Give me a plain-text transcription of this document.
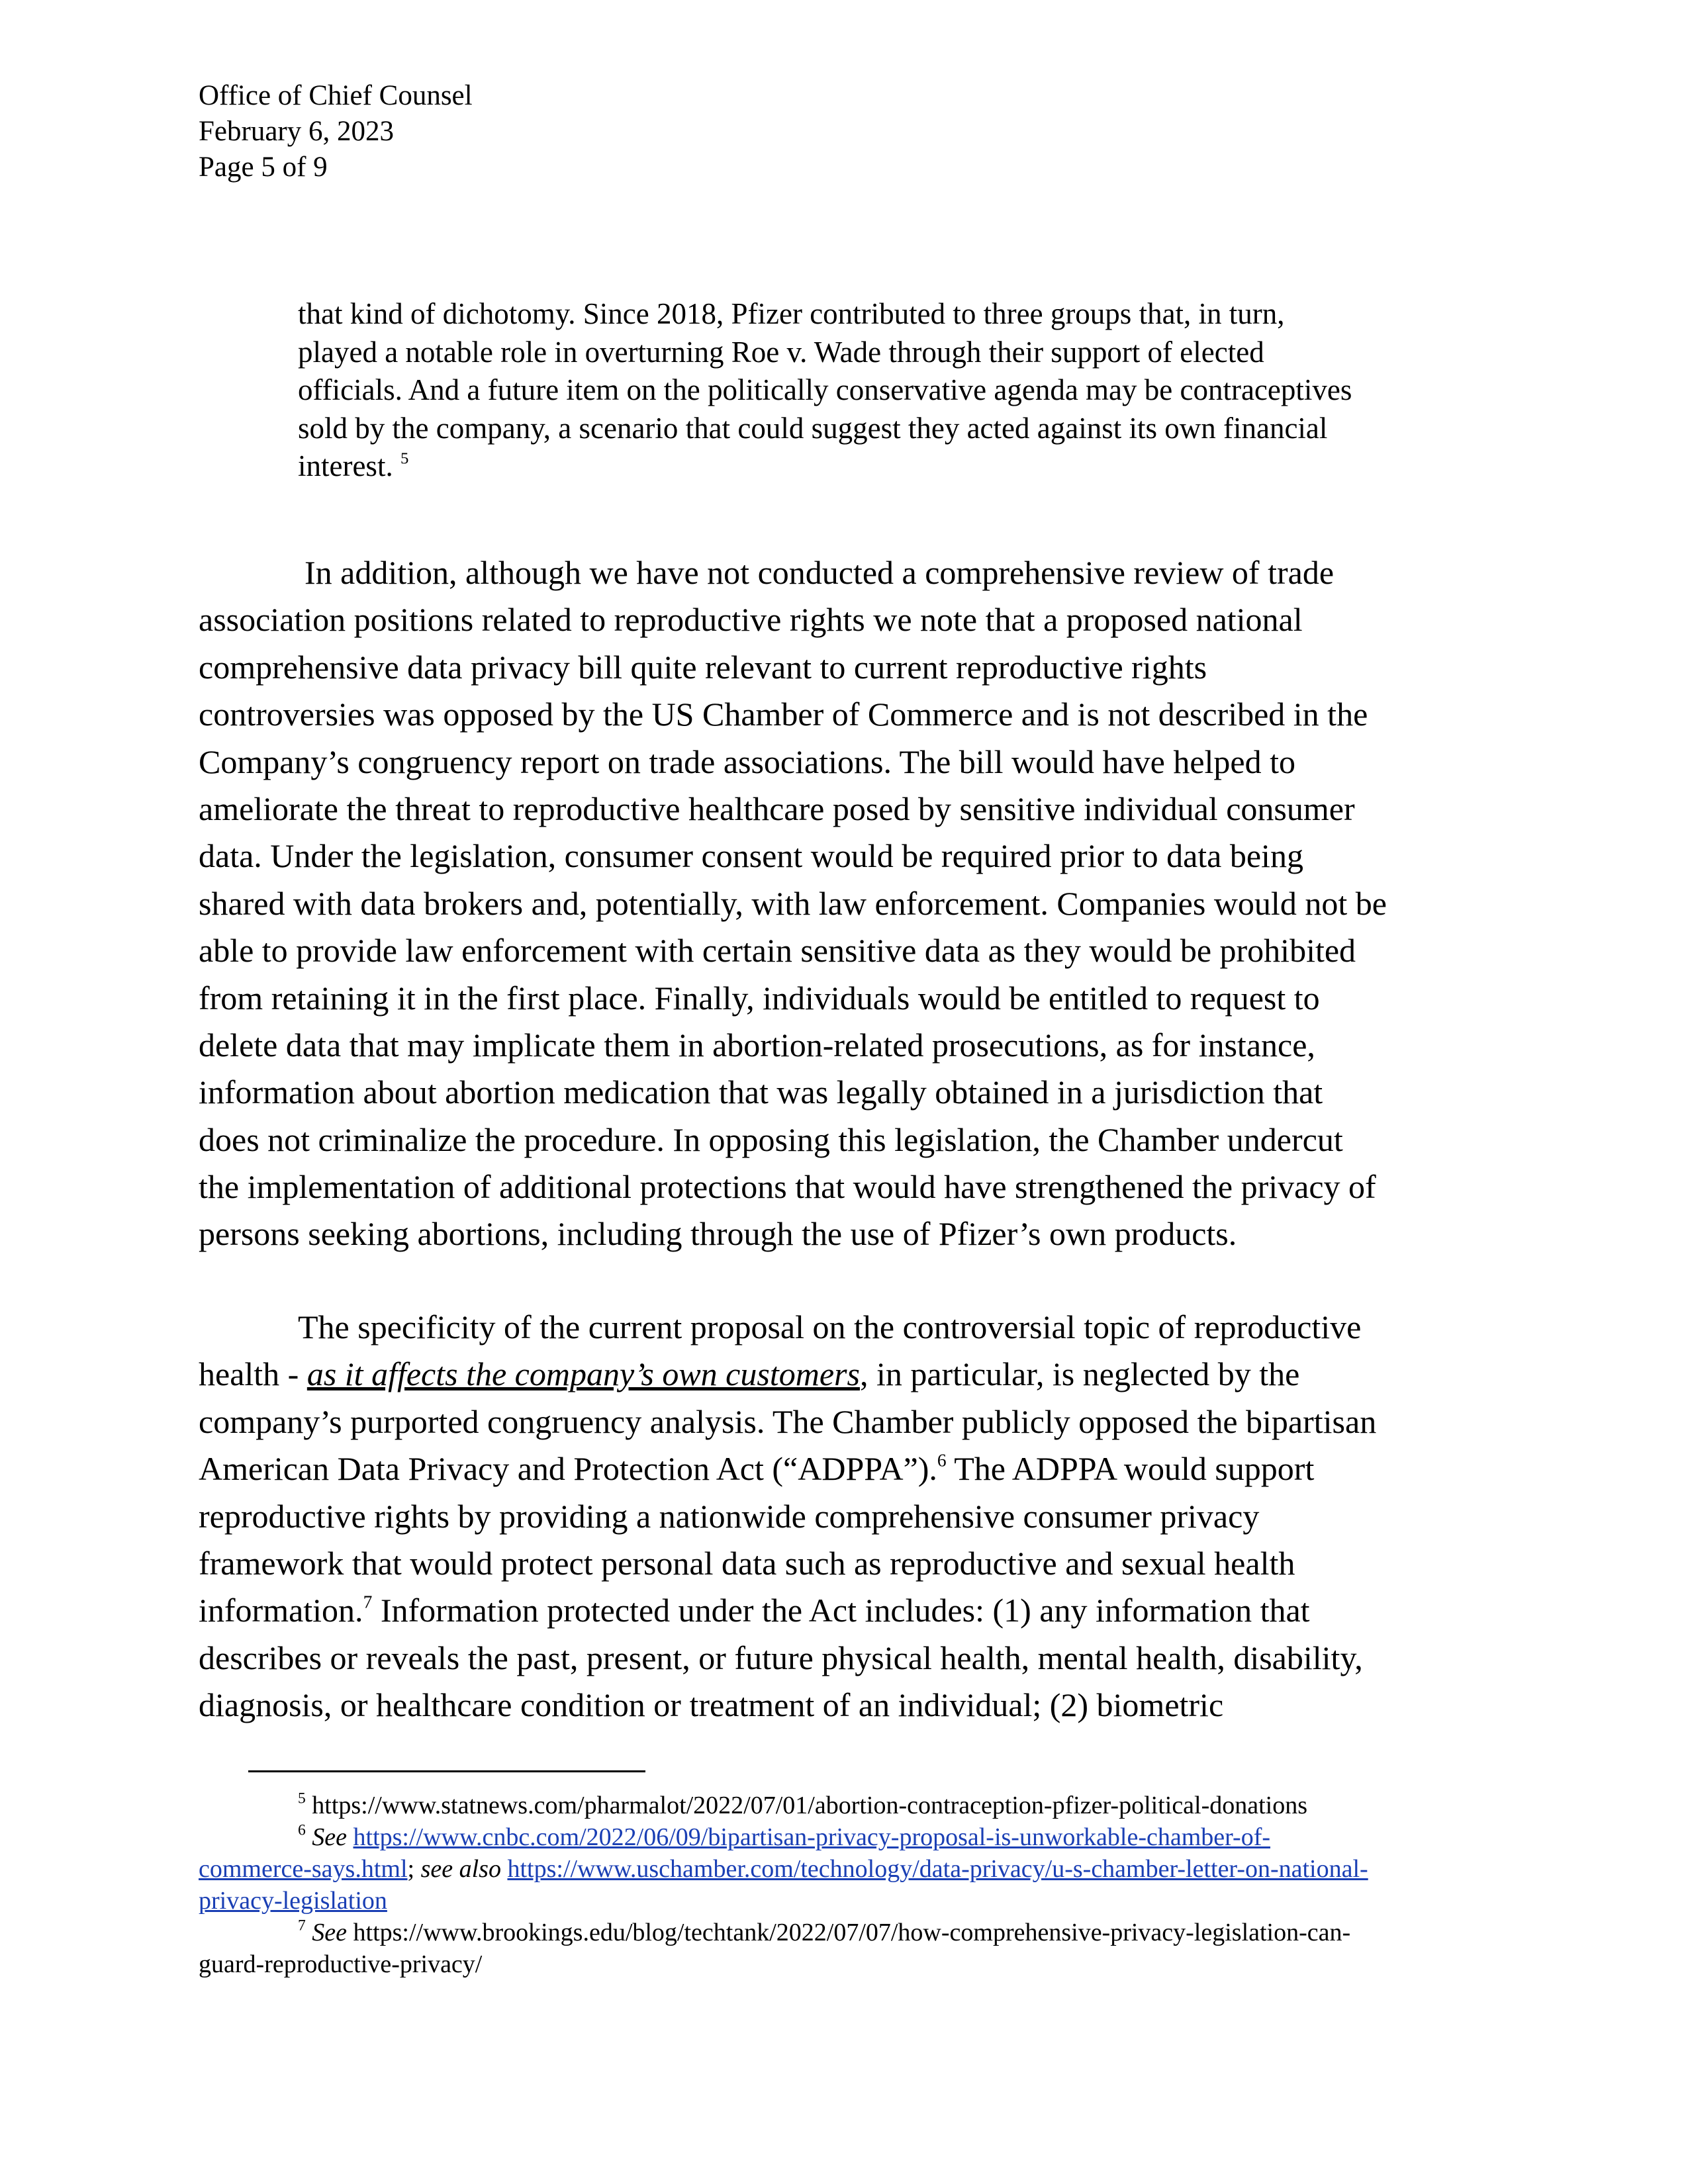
Office of Chief Counsel
February 6, 2023
Page 5 of 9
that kind of dichotomy. Since 2018, Pfizer contributed to three groups that, in turn,
played a notable role in overturning Roe v. Wade through their support of elected
officials. And a future item on the politically conservative agenda may be contraceptives
sold by the company, a scenario that could suggest they acted against its own financial
interest. $^5$
In addition, although we have not conducted a comprehensive review of trade
association positions related to reproductive rights we note that a proposed national
comprehensive data privacy bill quite relevant to current reproductive rights
controversies was opposed by the US Chamber of Commerce and is not described in the
Company’s congruency report on trade associations. The bill would have helped to
ameliorate the threat to reproductive healthcare posed by sensitive individual consumer
data. Under the legislation, consumer consent would be required prior to data being
shared with data brokers and, potentially, with law enforcement. Companies would not be
able to provide law enforcement with certain sensitive data as they would be prohibited
from retaining it in the first place. Finally, individuals would be entitled to request to
delete data that may implicate them in abortion-related prosecutions, as for instance,
information about abortion medication that was legally obtained in a jurisdiction that
does not criminalize the procedure. In opposing this legislation, the Chamber undercut
the implementation of additional protections that would have strengthened the privacy of
persons seeking abortions, including through the use of Pfizer’s own products.
The specificity of the current proposal on the controversial topic of reproductive
health - as it affects the company’s own customers, in particular, is neglected by the
company’s purported congruency analysis. The Chamber publicly opposed the bipartisan
American Data Privacy and Protection Act (“ADPPA”).$^6$ The ADPPA would support
reproductive rights by providing a nationwide comprehensive consumer privacy
framework that would protect personal data such as reproductive and sexual health
information.$^7$ Information protected under the Act includes: (1) any information that
describes or reveals the past, present, or future physical health, mental health, disability,
diagnosis, or healthcare condition or treatment of an individual; (2) biometric
$^5$ https://www.statnews.com/pharmalot/2022/07/01/abortion-contraception-pfizer-political-donations
$^6$ See https://www.cnbc.com/2022/06/09/bipartisan-privacy-proposal-is-unworkable-chamber-of-
commerce-says.html; see also https://www.uschamber.com/technology/data-privacy/u-s-chamber-letter-on-national-
privacy-legislation
$^7$ See https://www.brookings.edu/blog/techtank/2022/07/07/how-comprehensive-privacy-legislation-can-
guard-reproductive-privacy/
